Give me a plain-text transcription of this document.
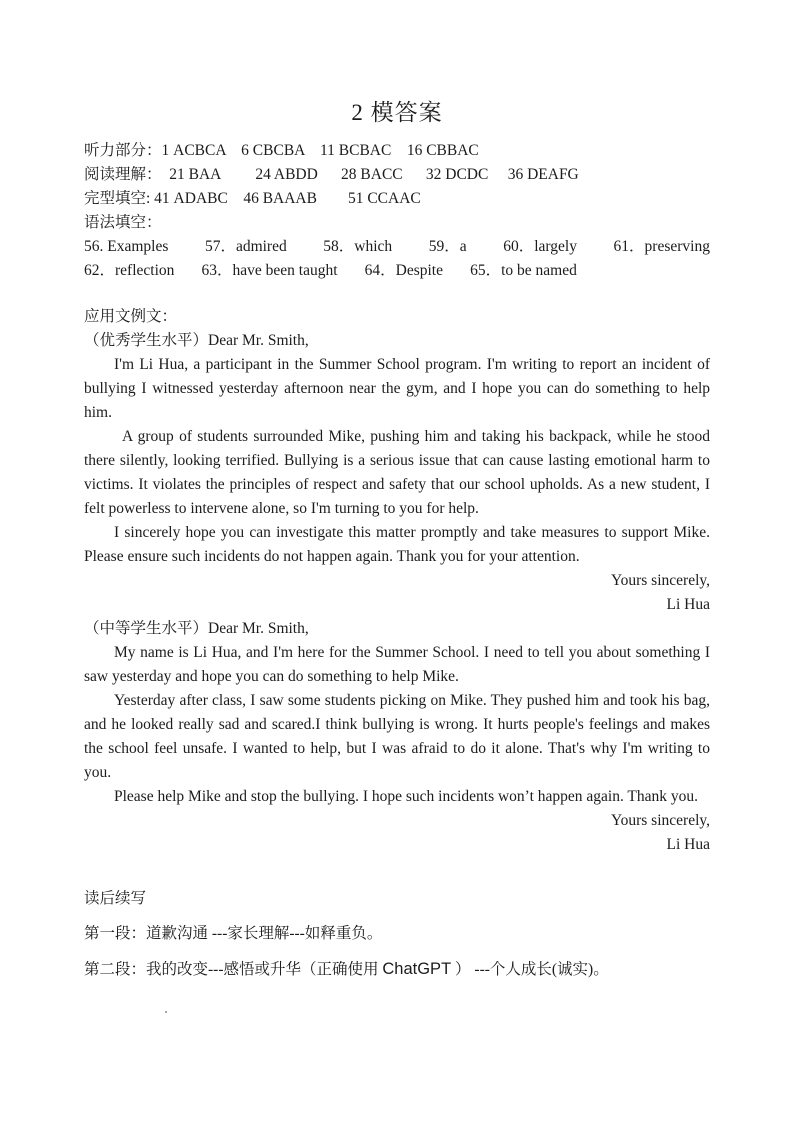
2 模答案
听力部分：1 ACBCA    6 CBCBA    11 BCBAC    16 CBBAC
阅读理解：  21 BAA         24 ABDD      28 BACC      32 DCDC     36 DEAFG
完型填空: 41 ADABC    46 BAAAB        51 CCAAC
语法填空：
56. Examples 57．admired 58．which 59．a 60．largely 61．preserving
62．reflection       63．have been taught       64．Despite       65．to be named
应用文例文：
（优秀学生水平）Dear Mr. Smith,

I'm Li Hua, a participant in the Summer School program. I'm writing to report an incident of bullying I witnessed yesterday afternoon near the gym, and I hope you can do something to help him.

A group of students surrounded Mike, pushing him and taking his backpack, while he stood there silently, looking terrified. Bullying is a serious issue that can cause lasting emotional harm to victims. It violates the principles of respect and safety that our school upholds. As a new student, I felt powerless to intervene alone, so I'm turning to you for help.

I sincerely hope you can investigate this matter promptly and take measures to support Mike. Please ensure such incidents do not happen again. Thank you for your attention.

Yours sincerely,
Li Hua
（中等学生水平）Dear Mr. Smith,

My name is Li Hua, and I'm here for the Summer School. I need to tell you about something I saw yesterday and hope you can do something to help Mike.

Yesterday after class, I saw some students picking on Mike. They pushed him and took his bag, and he looked really sad and scared.I think bullying is wrong. It hurts people's feelings and makes the school feel unsafe. I wanted to help, but I was afraid to do it alone. That's why I'm writing to you.

Please help Mike and stop the bullying. I hope such incidents won’t happen again. Thank you.

Yours sincerely,
Li Hua
读后续写
第一段：道歉沟通 ---家长理解---如释重负。
第二段：我的改变---感悟或升华（正确使用 ChatGPT ） ---个人成长(诚实)。
